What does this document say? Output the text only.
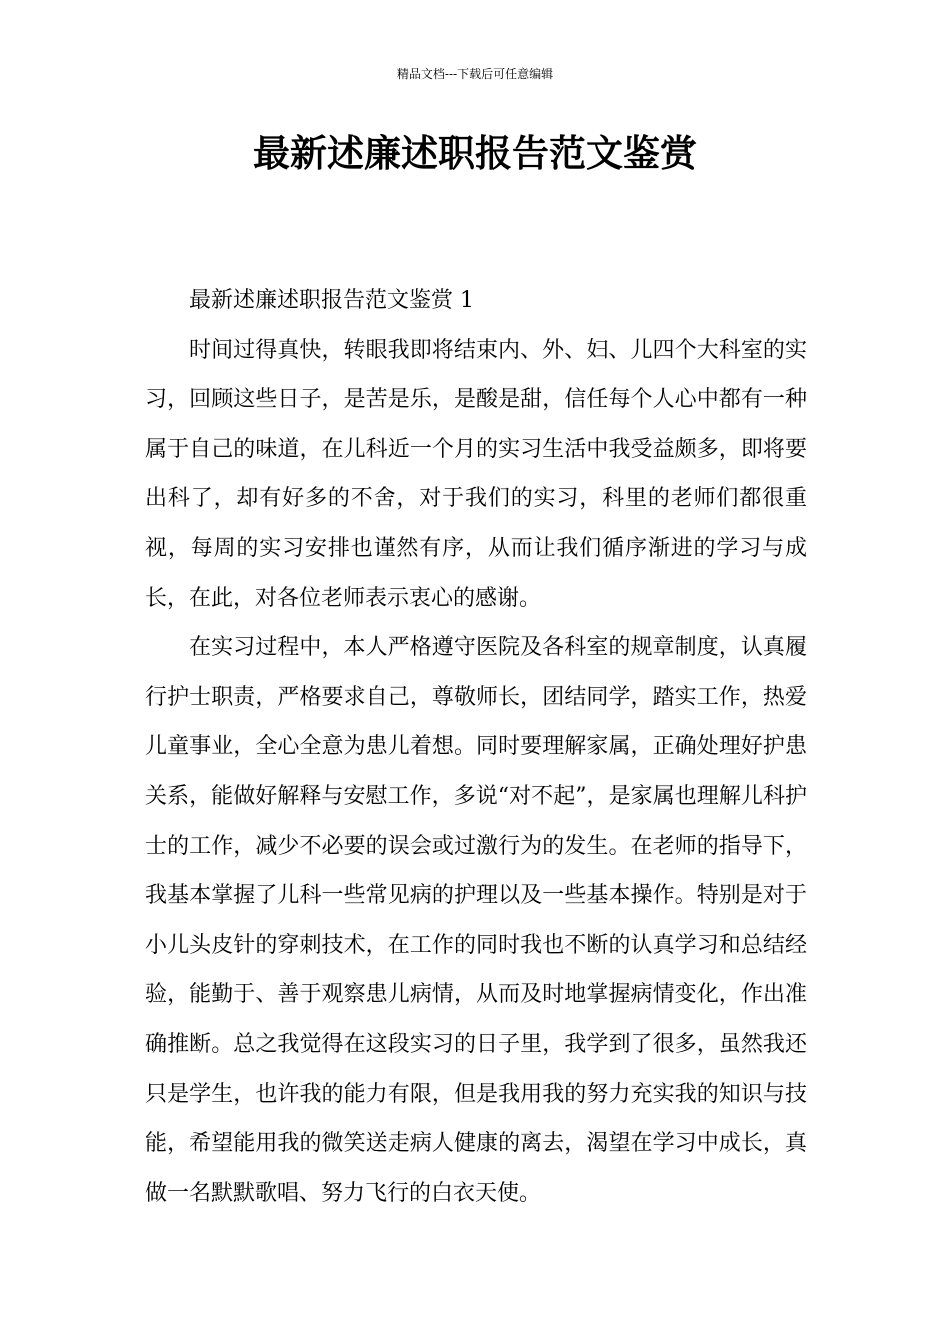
精品文档---下载后可任意编辑
最新述廉述职报告范文鉴赏

最新述廉述职报告范文鉴赏 1

时间过得真快，转眼我即将结束内、外、妇、儿四个大科室的实习，回顾这些日子，是苦是乐，是酸是甜，信任每个人心中都有一种属于自己的味道，在儿科近一个月的实习生活中我受益颇多，即将要出科了，却有好多的不舍，对于我们的实习，科里的老师们都很重视，每周的实习安排也谨然有序，从而让我们循序渐进的学习与成长，在此，对各位老师表示衷心的感谢。

在实习过程中，本人严格遵守医院及各科室的规章制度，认真履行护士职责，严格要求自己，尊敬师长，团结同学，踏实工作，热爱儿童事业，全心全意为患儿着想。同时要理解家属，正确处理好护患关系，能做好解释与安慰工作，多说“对不起”，是家属也理解儿科护士的工作，减少不必要的误会或过激行为的发生。在老师的指导下，我基本掌握了儿科一些常见病的护理以及一些基本操作。特别是对于小儿头皮针的穿刺技术，在工作的同时我也不断的认真学习和总结经验，能勤于、善于观察患儿病情，从而及时地掌握病情变化，作出准确推断。总之我觉得在这段实习的日子里，我学到了很多，虽然我还只是学生，也许我的能力有限，但是我用我的努力充实我的知识与技能，希望能用我的微笑送走病人健康的离去，渴望在学习中成长，真做一名默默歌唱、努力飞行的白衣天使。
